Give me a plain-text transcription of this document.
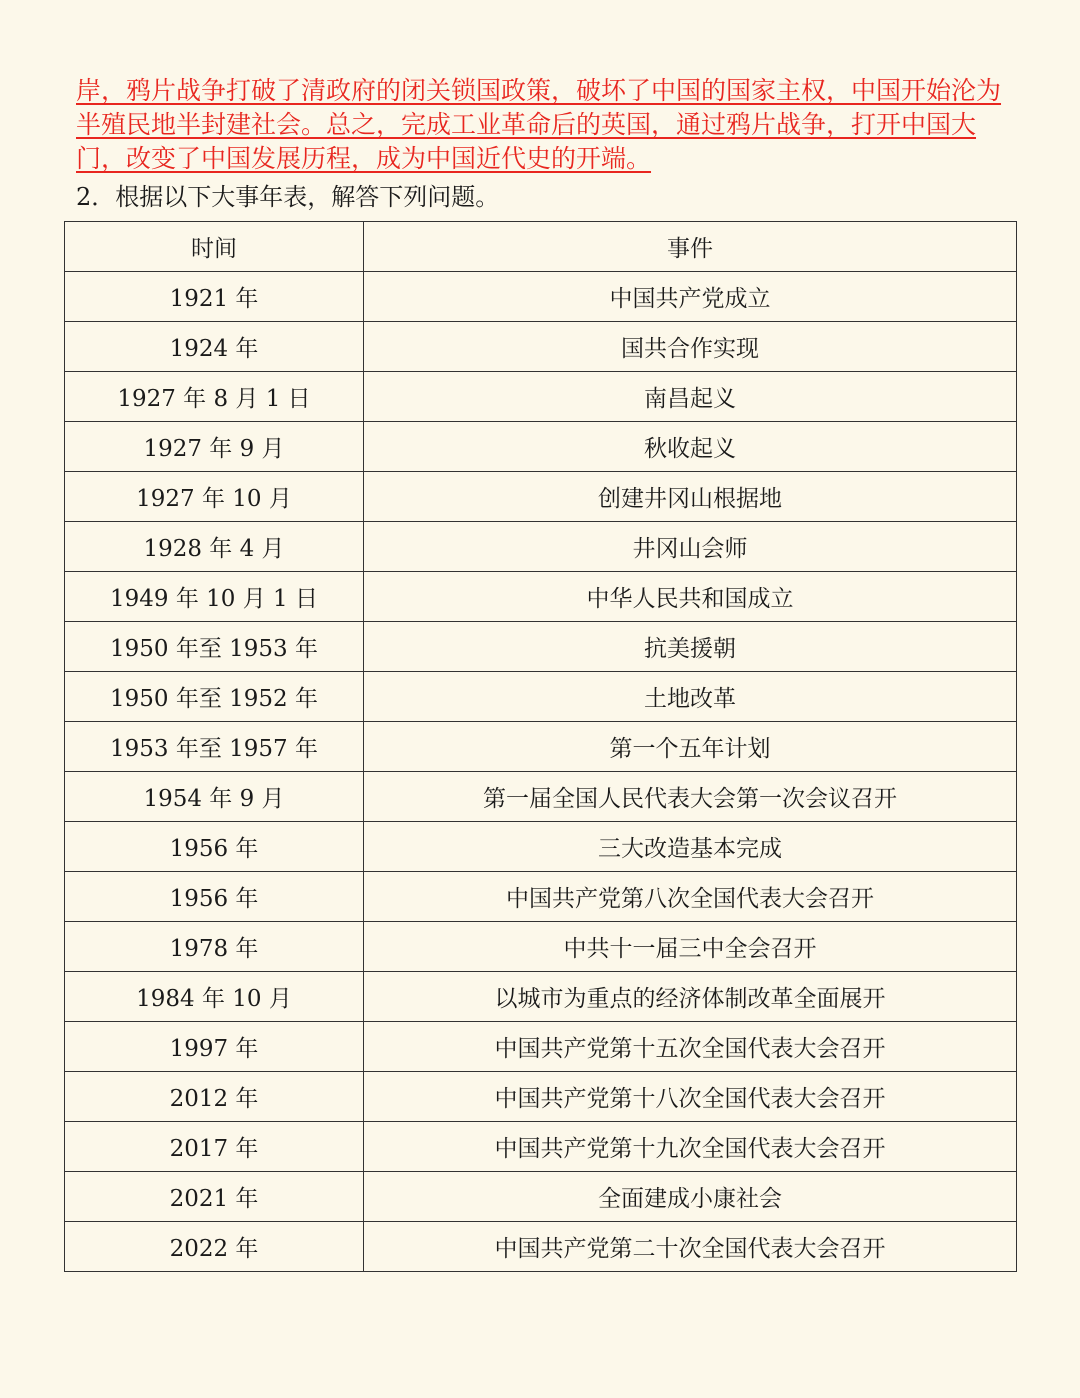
岸，鸦片战争打破了清政府的闭关锁国政策，破坏了中国的国家主权，中国开始沦为
半殖民地半封建社会。总之，完成工业革命后的英国，通过鸦片战争，打开中国大
门，改变了中国发展历程，成为中国近代史的开端。
2．根据以下大事年表，解答下列问题。
时间	事件
1921 年	中国共产党成立
1924 年	国共合作实现
1927 年 8 月 1 日	南昌起义
1927 年 9 月	秋收起义
1927 年 10 月	创建井冈山根据地
1928 年 4 月	井冈山会师
1949 年 10 月 1 日	中华人民共和国成立
1950 年至 1953 年	抗美援朝
1950 年至 1952 年	土地改革
1953 年至 1957 年	第一个五年计划
1954 年 9 月	第一届全国人民代表大会第一次会议召开
1956 年	三大改造基本完成
1956 年	中国共产党第八次全国代表大会召开
1978 年	中共十一届三中全会召开
1984 年 10 月	以城市为重点的经济体制改革全面展开
1997 年	中国共产党第十五次全国代表大会召开
2012 年	中国共产党第十八次全国代表大会召开
2017 年	中国共产党第十九次全国代表大会召开
2021 年	全面建成小康社会
2022 年	中国共产党第二十次全国代表大会召开
